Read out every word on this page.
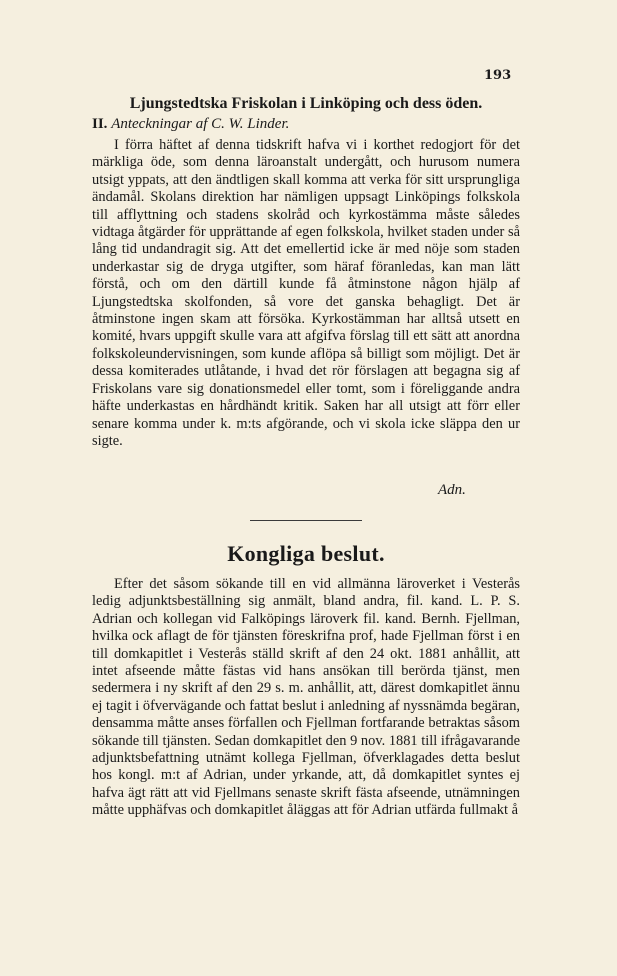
193
Ljungstedtska Friskolan i Linköping och dess öden.
II. Anteckningar af C. W. Linder.

I förra häftet af denna tidskrift hafva vi i korthet redogjort för det märkliga öde, som denna läroanstalt undergått, och hurusom numera utsigt yppats, att den ändtligen skall komma att verka för sitt ursprungliga ändamål. Skolans direktion har nämligen uppsagt Linköpings folkskola till afflyttning och stadens skolråd och kyrkostämma måste således vidtaga åtgärder för upprättande af egen folkskola, hvilket staden under så lång tid undandragit sig. Att det emellertid icke är med nöje som staden underkastar sig de dryga utgifter, som häraf föranledas, kan man lätt förstå, och om den därtill kunde få åtminstone någon hjälp af Ljungstedtska skolfonden, så vore det ganska behagligt. Det är åtminstone ingen skam att försöka. Kyrkostämman har alltså utsett en komité, hvars uppgift skulle vara att afgifva förslag till ett sätt att anordna folkskoleundervisningen, som kunde aflöpa så billigt som möjligt. Det är dessa komiterades utlåtande, i hvad det rör förslagen att begagna sig af Friskolans vare sig donationsmedel eller tomt, som i föreliggande andra häfte underkastas en hårdhändt kritik. Saken har all utsigt att förr eller senare komma under k. m:ts afgörande, och vi skola icke släppa den ur sigte.

Adn.
Kongliga beslut.

Efter det såsom sökande till en vid allmänna läroverket i Vesterås ledig adjunktsbeställning sig anmält, bland andra, fil. kand. L. P. S. Adrian och kollegan vid Falköpings läroverk fil. kand. Bernh. Fjellman, hvilka ock aflagt de för tjänsten föreskrifna prof, hade Fjellman först i en till domkapitlet i Vesterås ställd skrift af den 24 okt. 1881 anhållit, att intet afseende måtte fästas vid hans ansökan till berörda tjänst, men sedermera i ny skrift af den 29 s. m. anhållit, att, därest domkapitlet ännu ej tagit i öfvervägande och fattat beslut i anledning af nyssnämda begäran, densamma måtte anses förfallen och Fjellman fortfarande betraktas såsom sökande till tjänsten. Sedan domkapitlet den 9 nov. 1881 till ifrågavarande adjunktsbefattning utnämt kollega Fjellman, öfverklagades detta beslut hos kongl. m:t af Adrian, under yrkande, att, då domkapitlet syntes ej hafva ägt rätt att vid Fjellmans senaste skrift fästa afseende, utnämningen måtte upphäfvas och domkapitlet åläggas att för Adrian utfärda fullmakt å
